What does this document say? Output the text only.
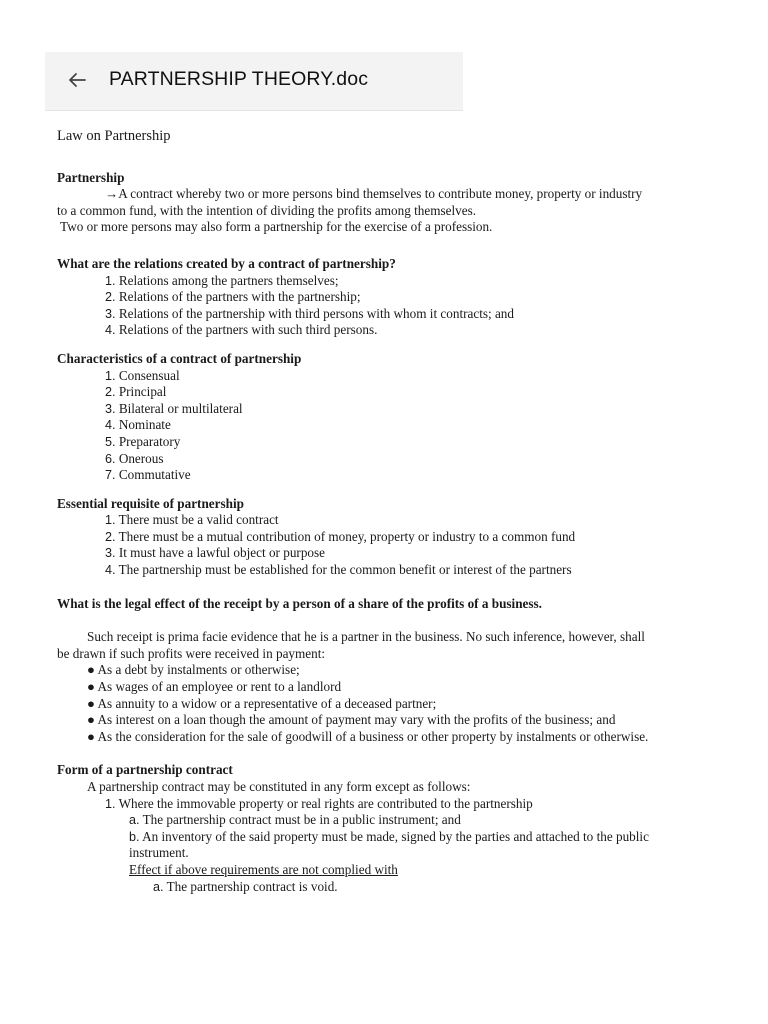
PARTNERSHIP THEORY.doc

Law on Partnership

Partnership

→A contract whereby two or more persons bind themselves to contribute money, property or industry

to a common fund, with the intention of dividing the profits among themselves.

Two or more persons may also form a partnership for the exercise of a profession.

What are the relations created by a contract of partnership?

1. Relations among the partners themselves;

2. Relations of the partners with the partnership;

3. Relations of the partnership with third persons with whom it contracts; and

4. Relations of the partners with such third persons.

Characteristics of a contract of partnership

1. Consensual

2. Principal

3. Bilateral or multilateral

4. Nominate

5. Preparatory

6. Onerous

7. Commutative

Essential requisite of partnership

1. There must be a valid contract

2. There must be a mutual contribution of money, property or industry to a common fund

3. It must have a lawful object or purpose

4. The partnership must be established for the common benefit or interest of the partners

What is the legal effect of the receipt by a person of a share of the profits of a business.

Such receipt is prima facie evidence that he is a partner in the business. No such inference, however, shall

be drawn if such profits were received in payment:

● As a debt by instalments or otherwise;

● As wages of an employee or rent to a landlord

● As annuity to a widow or a representative of a deceased partner;

● As interest on a loan though the amount of payment may vary with the profits of the business; and

● As the consideration for the sale of goodwill of a business or other property by instalments or otherwise.

Form of a partnership contract

A partnership contract may be constituted in any form except as follows:

1. Where the immovable property or real rights are contributed to the partnership

a. The partnership contract must be in a public instrument; and

b. An inventory of the said property must be made, signed by the parties and attached to the public

instrument.

Effect if above requirements are not complied with

a. The partnership contract is void.
